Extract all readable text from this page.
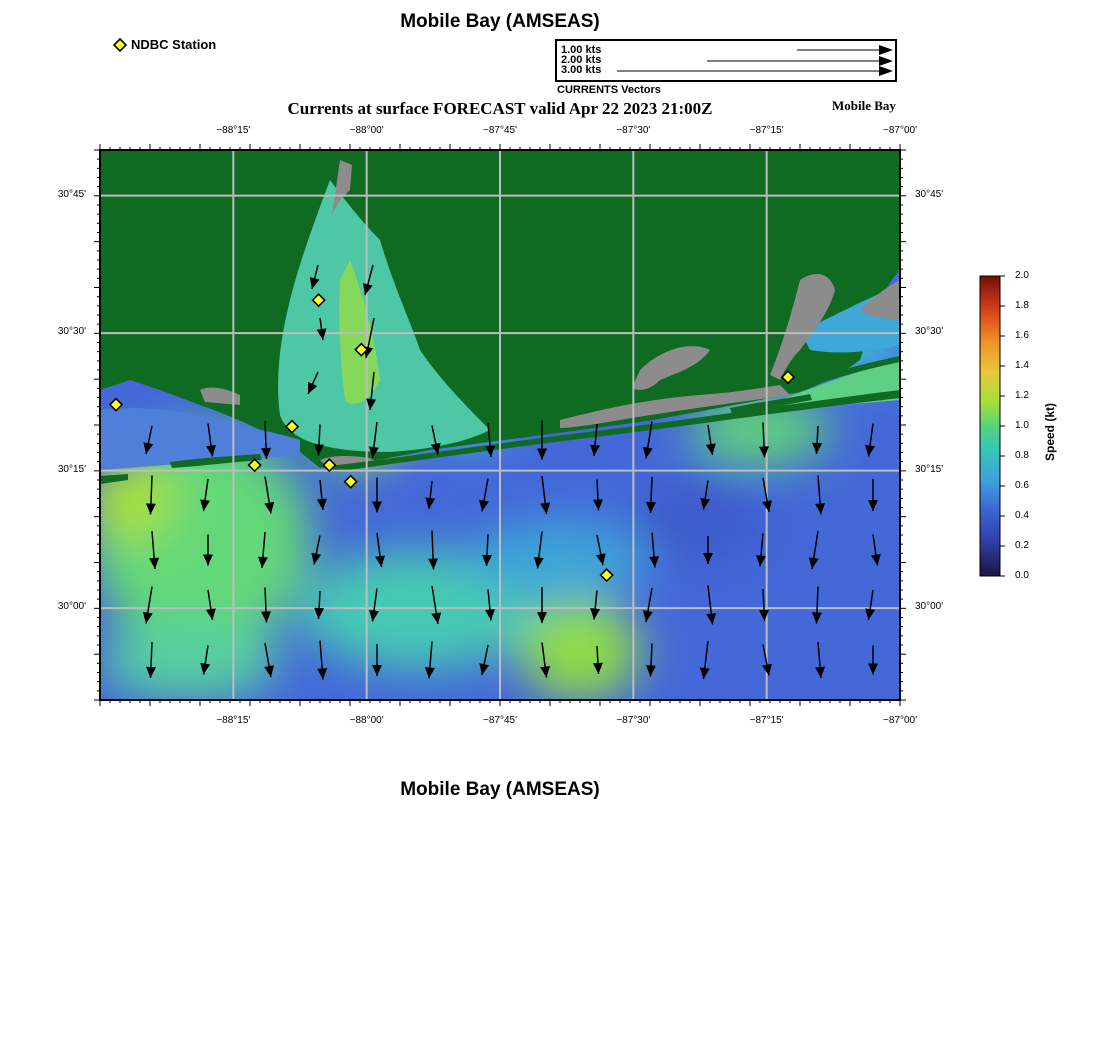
Mobile Bay (AMSEAS)
NDBC Station	1.00 kts
2.00 kts
3.00 kts
CURRENTS Vectors
Currents at surface FORECAST valid Apr 22 2023 21:00Z	Mobile Bay
−88°15'
−88°15'
−88°00'
−88°00'
−87°45'
−87°45'
−87°30'
−87°30'
−87°15'
−87°15'
−87°00'
−87°00'
30°45'	30°45'
30°30'	30°30'
30°15'	30°15'
30°00'	30°00'
0.0
0.2
0.4
0.6
0.8
1.0
1.2
1.4
1.6
1.8
2.0
Speed (kt)
Mobile Bay (AMSEAS)
